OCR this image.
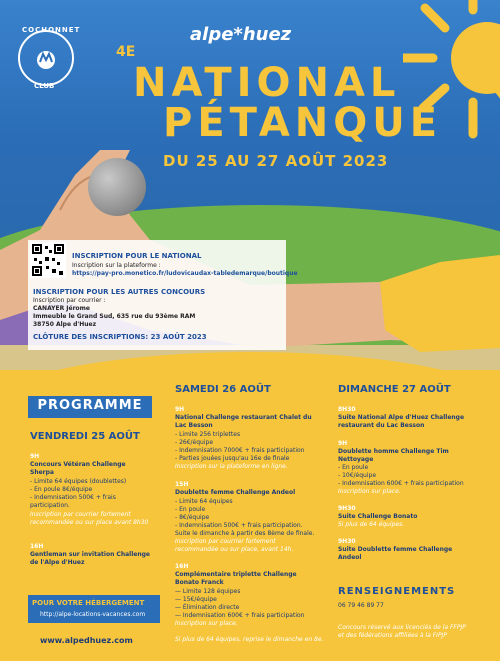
COCHONNET
CLUB
alpe*huez
4E
NATIONAL
PÉTANQUE
DU 25 AU 27 AOÛT 2023
INSCRIPTION POUR LE NATIONAL
Inscription sur la plateforme :
https://pay-pro.monetico.fr/ludovicaudax-tabledemarque/boutique
INSCRIPTION POUR LES AUTRES CONCOURS
Inscription par courrier :
CANAYER Jérome
Immeuble le Grand Sud, 635 rue du 93ème RAM
38750 Alpe d'Huez
CLÔTURE DES INSCRIPTIONS: 23 AOÛT 2023
PROGRAMME
VENDREDI 25 AOÛT
9H
Concours Vétéran Challenge Sherpa
- Limite 64 équipes (doublettes)
- En poule 8€/équipe
- Indemnisation 500€ + frais participation.
Inscription par courrier fortement recommandée ou sur place avant 8h30
16H
Gentleman sur invitation Challenge de l'Alpe d'Huez
SAMEDI 26 AOÛT
9H
National Challenge restaurant Chalet du Lac Besson
- Limite 256 triplettes
- 26€/équipe
- Indemnisation 7000€ + frais participation
- Parties jouées jusqu'au 16e de finale
Inscription sur la plateforme en ligne.
15H
Doublette femme Challenge Andeol
- Limite 64 équipes
- En poule
- 8€/équipe
- Indemnisation 500€ + frais participation.
Suite le dimanche à partir des 8ème de finale.
Inscription par courrier fortement recommandée ou sur place, avant 14h.
16H
Complémentaire triplette Challenge Bonato Franck
— Limite 128 équipes
— 15€/équipe
— Élimination directe
— Indemnisation 600€ + frais participation
Inscription sur place.
Si plus de 64 équipes, reprise le dimanche en 8e.
DIMANCHE 27 AOÛT
8H30
Suite National Alpe d'Huez Challenge restaurant du Lac Besson
9H
Doublette homme Challenge Tim Nettoyage
- En poule
- 10€/équipe
- Indemnisation 600€ + frais participation
Inscription sur place.
9H30
Suite Challenge Bonato
Si plus de 64 équipes.
9H30
Suite Doublette femme Challenge Andeol
RENSEIGNEMENTS
06 79 46 89 77
Concours réservé aux licenciés de la FFPJP et des fédérations affiliées à la FIPJP
POUR VOTRE HÉBERGEMENT
http://alpe-locations-vacances.com
www.alpedhuez.com
